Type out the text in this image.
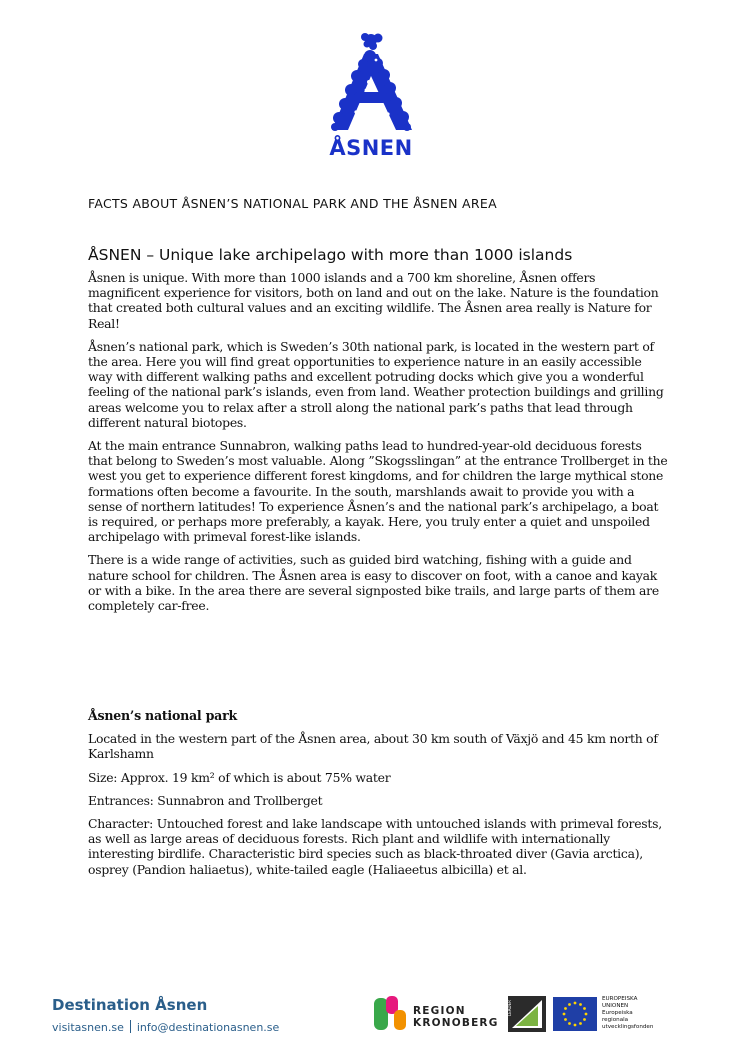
ÅSNEN
FACTS ABOUT ÅSNEN’S NATIONAL PARK AND THE ÅSNEN AREA
ÅSNEN – Unique lake archipelago with more than 1000 islands

Åsnen is unique. With more than 1000 islands and a 700 km shoreline, Åsnen offers magnificent experience for visitors, both on land and out on the lake. Nature is the foundation that created both cultural values and an exciting wildlife. The Åsnen area really is Nature for Real!

Åsnen’s national park, which is Sweden’s 30th national park, is located in the western part of the area. Here you will find great opportunities to experience nature in an easily accessible way with different walking paths and excellent potruding docks which give you a wonderful feeling of the national park’s islands, even from land. Weather protection buildings and grilling areas welcome you to relax after a stroll along the national park’s paths that lead through different natural biotopes.

At the main entrance Sunnabron, walking paths lead to hundred-year-old deciduous forests that belong to Sweden’s most valuable. Along ”Skogsslingan” at the entrance Trollberget in the west you get to experience different forest kingdoms, and for children the large mythical stone formations often become a favourite. In the south, marshlands await to provide you with a sense of northern latitudes! To experience Åsnen’s and the national park’s archipelago, a boat is required, or perhaps more preferably, a kayak. Here, you truly enter a quiet and unspoiled archipelago with primeval forest-like islands.

There is a wide range of activities, such as guided bird watching, fishing with a guide and nature school for children. The Åsnen area is easy to discover on foot, with a canoe and kayak or with a bike. In the area there are several signposted bike trails, and large parts of them are completely car-free.

Åsnen’s national park

Located in the western part of the Åsnen area, about 30 km south of Växjö and 45 km north of Karlshamn

Size: Approx. 19 km² of which is about 75% water

Entrances: Sunnabron and Trollberget

Character: Untouched forest and lake landscape with untouched islands with primeval forests, as well as large areas of deciduous forests. Rich plant and wildlife with internationally interesting birdlife. Characteristic bird species such as black-throated diver (Gavia arctica), osprey (Pandion haliaetus), white-tailed eagle (Haliaeetus albicilla) et al.

Destination Åsnen
visitasnen.se info@destinationasnen.se
REGION
KRONOBERG
LEADER
EUROPEISKA
UNIONEN
Europeiska
regionala
utvecklingsfonden
